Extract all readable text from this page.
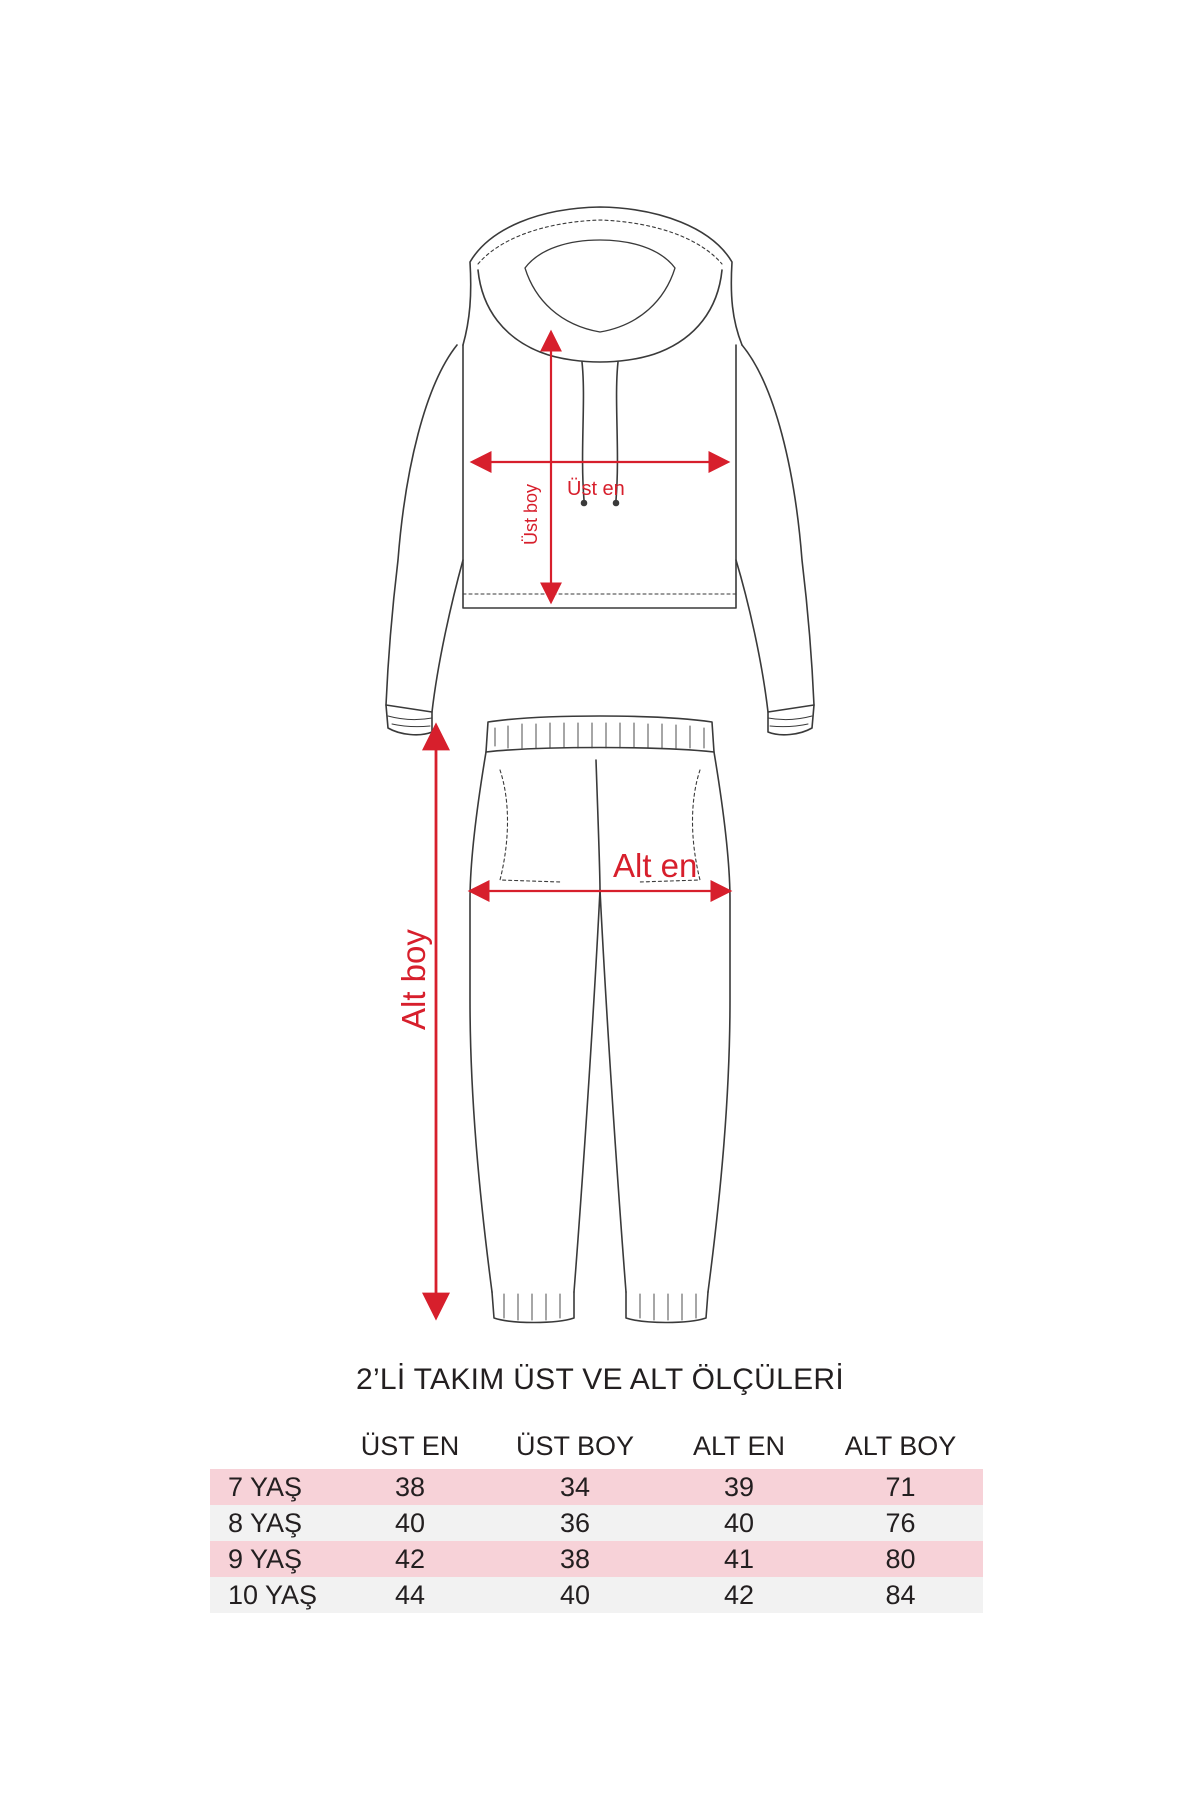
Üst en
Üst boy
Alt en
Alt boy
2’Lİ TAKIM ÜST VE ALT ÖLÇÜLERİ
	ÜST EN	ÜST BOY	ALT EN	ALT BOY
7 YAŞ	38	34	39	71
8 YAŞ	40	36	40	76
9 YAŞ	42	38	41	80
10 YAŞ	44	40	42	84
